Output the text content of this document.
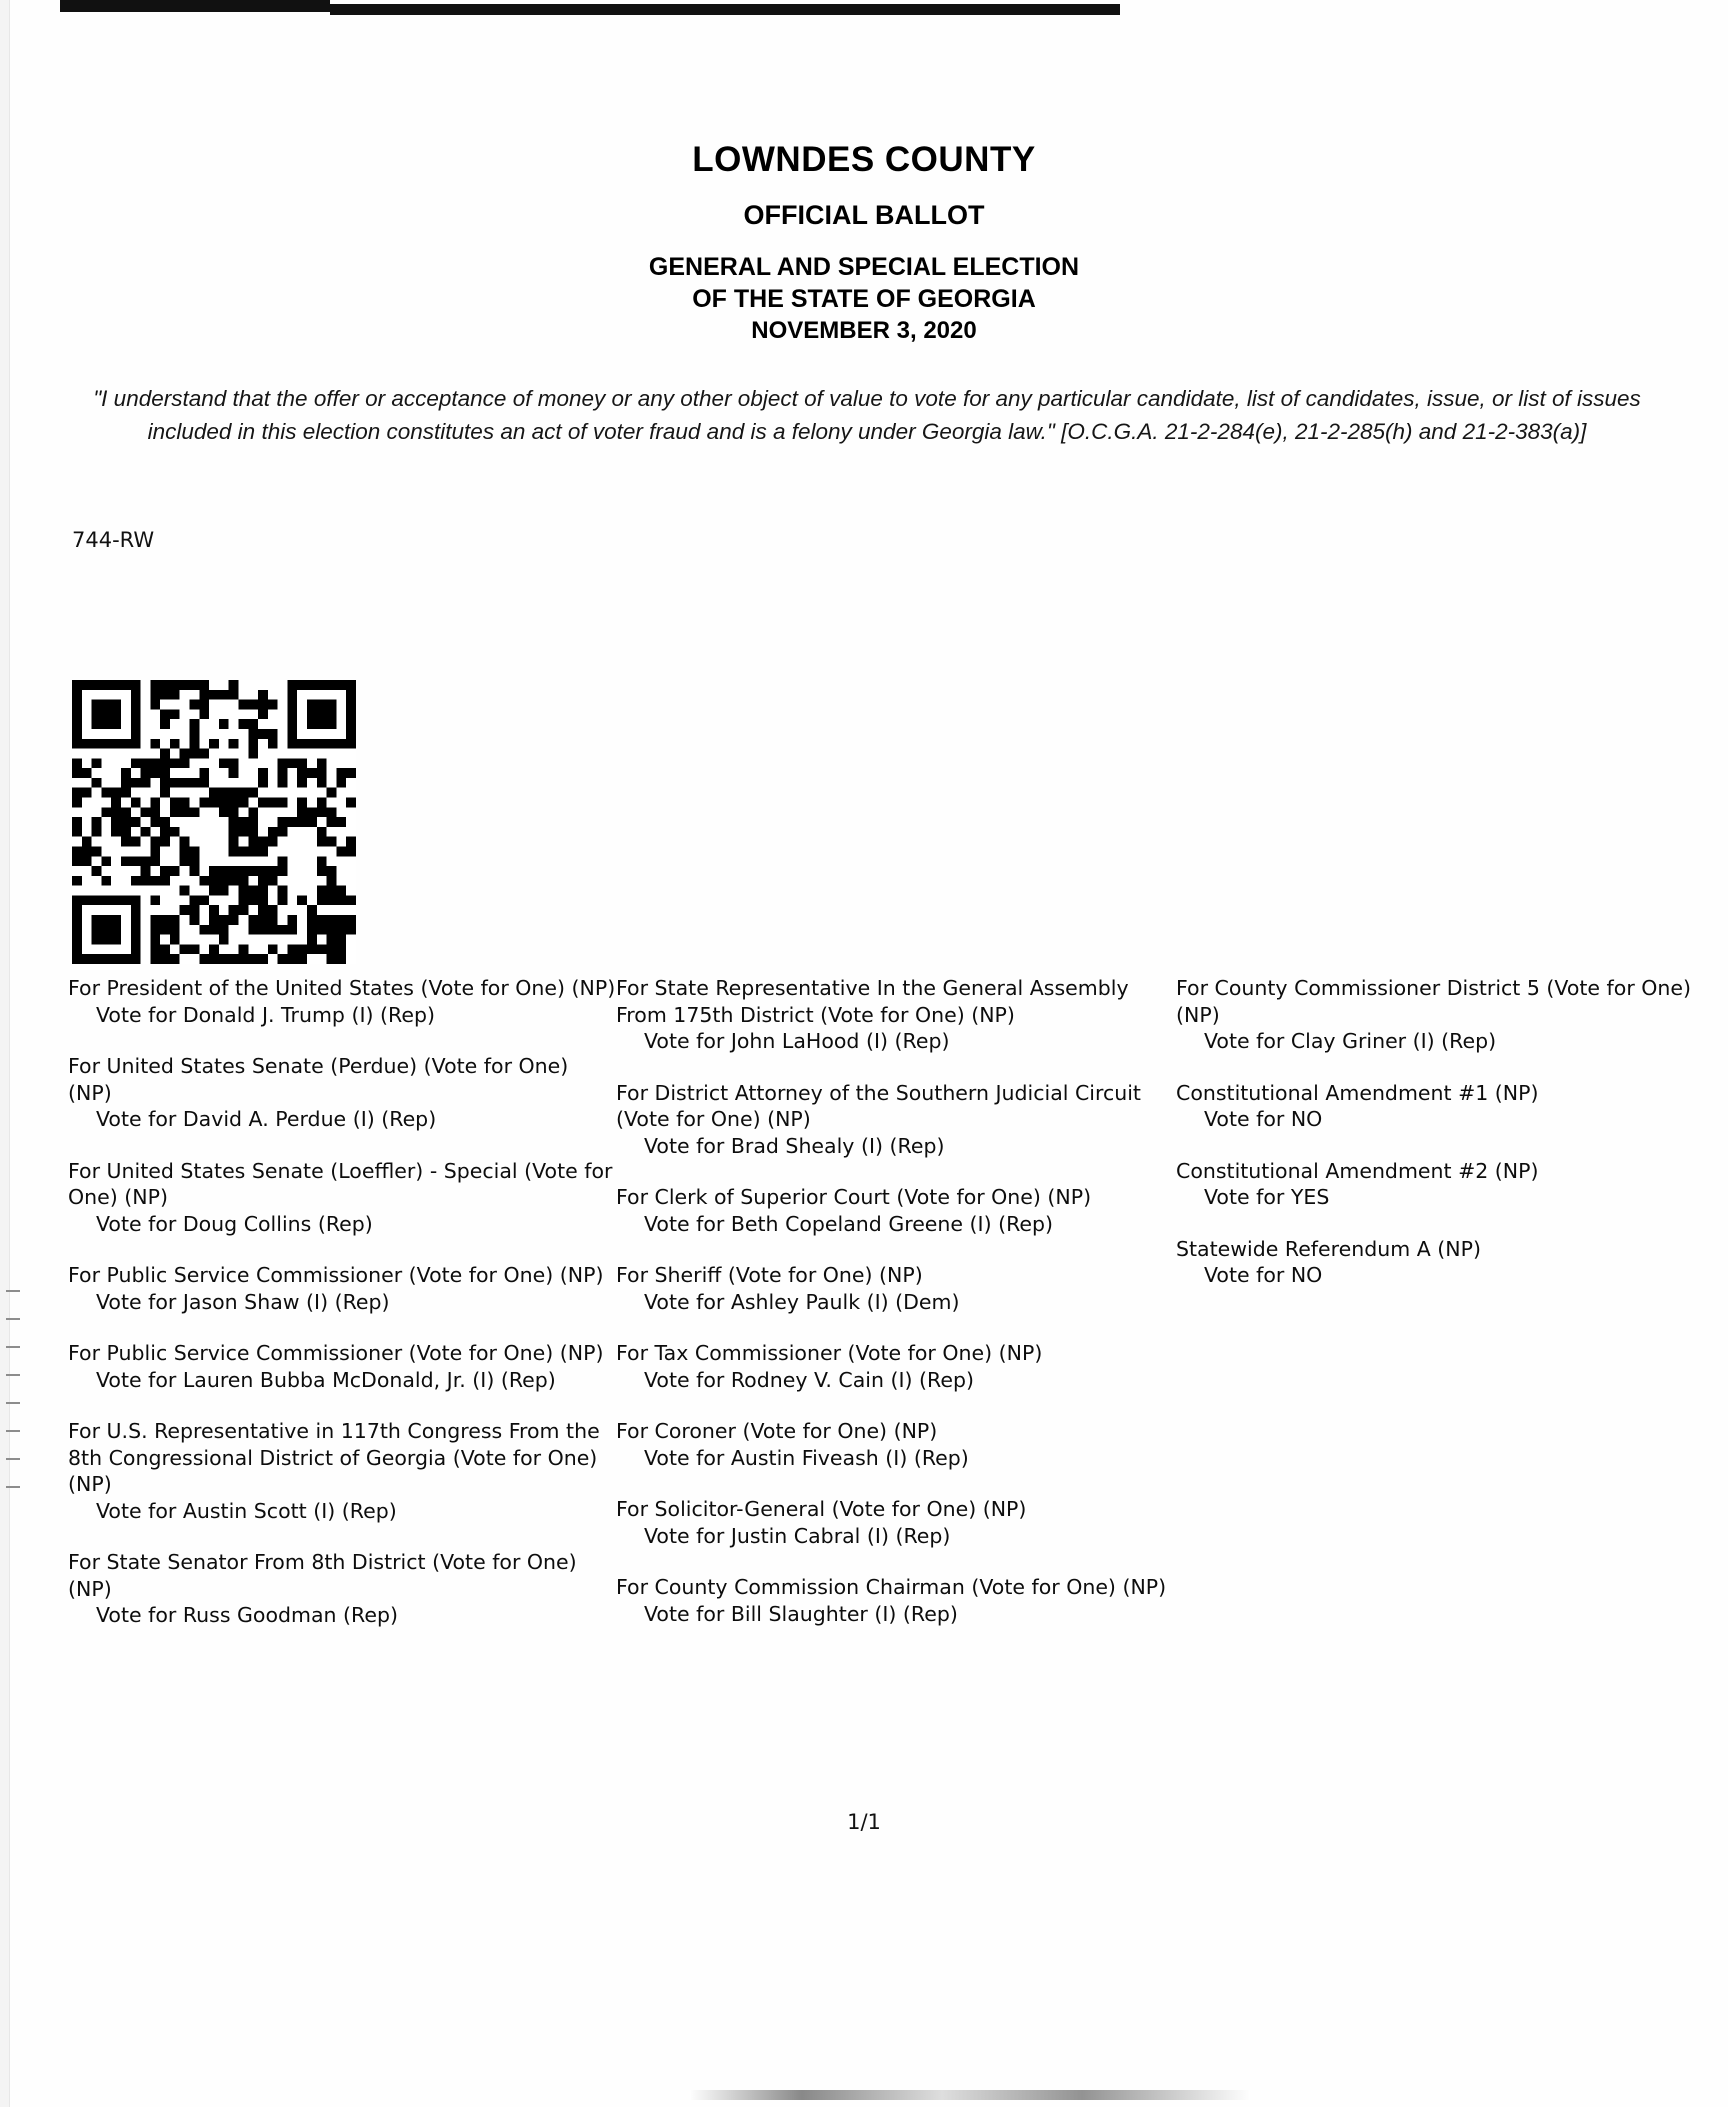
LOWNDES COUNTY
OFFICIAL BALLOT
GENERAL AND SPECIAL ELECTION
OF THE STATE OF GEORGIA
NOVEMBER 3, 2020
"I understand that the offer or acceptance of money or any other object of value to vote for any particular candidate, list of candidates, issue, or list of issues included in this election constitutes an act of voter fraud and is a felony under Georgia law." [O.C.G.A. 21-2-284(e), 21-2-285(h) and 21-2-383(a)]
744-RW
For President of the United States (Vote for One) (NP)
Vote for Donald J. Trump (I) (Rep)
For United States Senate (Perdue) (Vote for One) (NP)
Vote for David A. Perdue (I) (Rep)
For United States Senate (Loeffler) - Special (Vote for One) (NP)
Vote for Doug Collins (Rep)
For Public Service Commissioner (Vote for One) (NP)
Vote for Jason Shaw (I) (Rep)
For Public Service Commissioner (Vote for One) (NP)
Vote for Lauren Bubba McDonald, Jr. (I) (Rep)
For U.S. Representative in 117th Congress From the 8th Congressional District of Georgia (Vote for One) (NP)
Vote for Austin Scott (I) (Rep)
For State Senator From 8th District (Vote for One) (NP)
Vote for Russ Goodman (Rep)
For State Representative In the General Assembly From 175th District (Vote for One) (NP)
Vote for John LaHood (I) (Rep)
For District Attorney of the Southern Judicial Circuit (Vote for One) (NP)
Vote for Brad Shealy (I) (Rep)
For Clerk of Superior Court (Vote for One) (NP)
Vote for Beth Copeland Greene (I) (Rep)
For Sheriff (Vote for One) (NP)
Vote for Ashley Paulk (I) (Dem)
For Tax Commissioner (Vote for One) (NP)
Vote for Rodney V. Cain (I) (Rep)
For Coroner (Vote for One) (NP)
Vote for Austin Fiveash (I) (Rep)
For Solicitor-General (Vote for One) (NP)
Vote for Justin Cabral (I) (Rep)
For County Commission Chairman (Vote for One) (NP)
Vote for Bill Slaughter (I) (Rep)
For County Commissioner District 5 (Vote for One) (NP)
Vote for Clay Griner (I) (Rep)
Constitutional Amendment #1 (NP)
Vote for NO
Constitutional Amendment #2 (NP)
Vote for YES
Statewide Referendum A (NP)
Vote for NO
1/1
